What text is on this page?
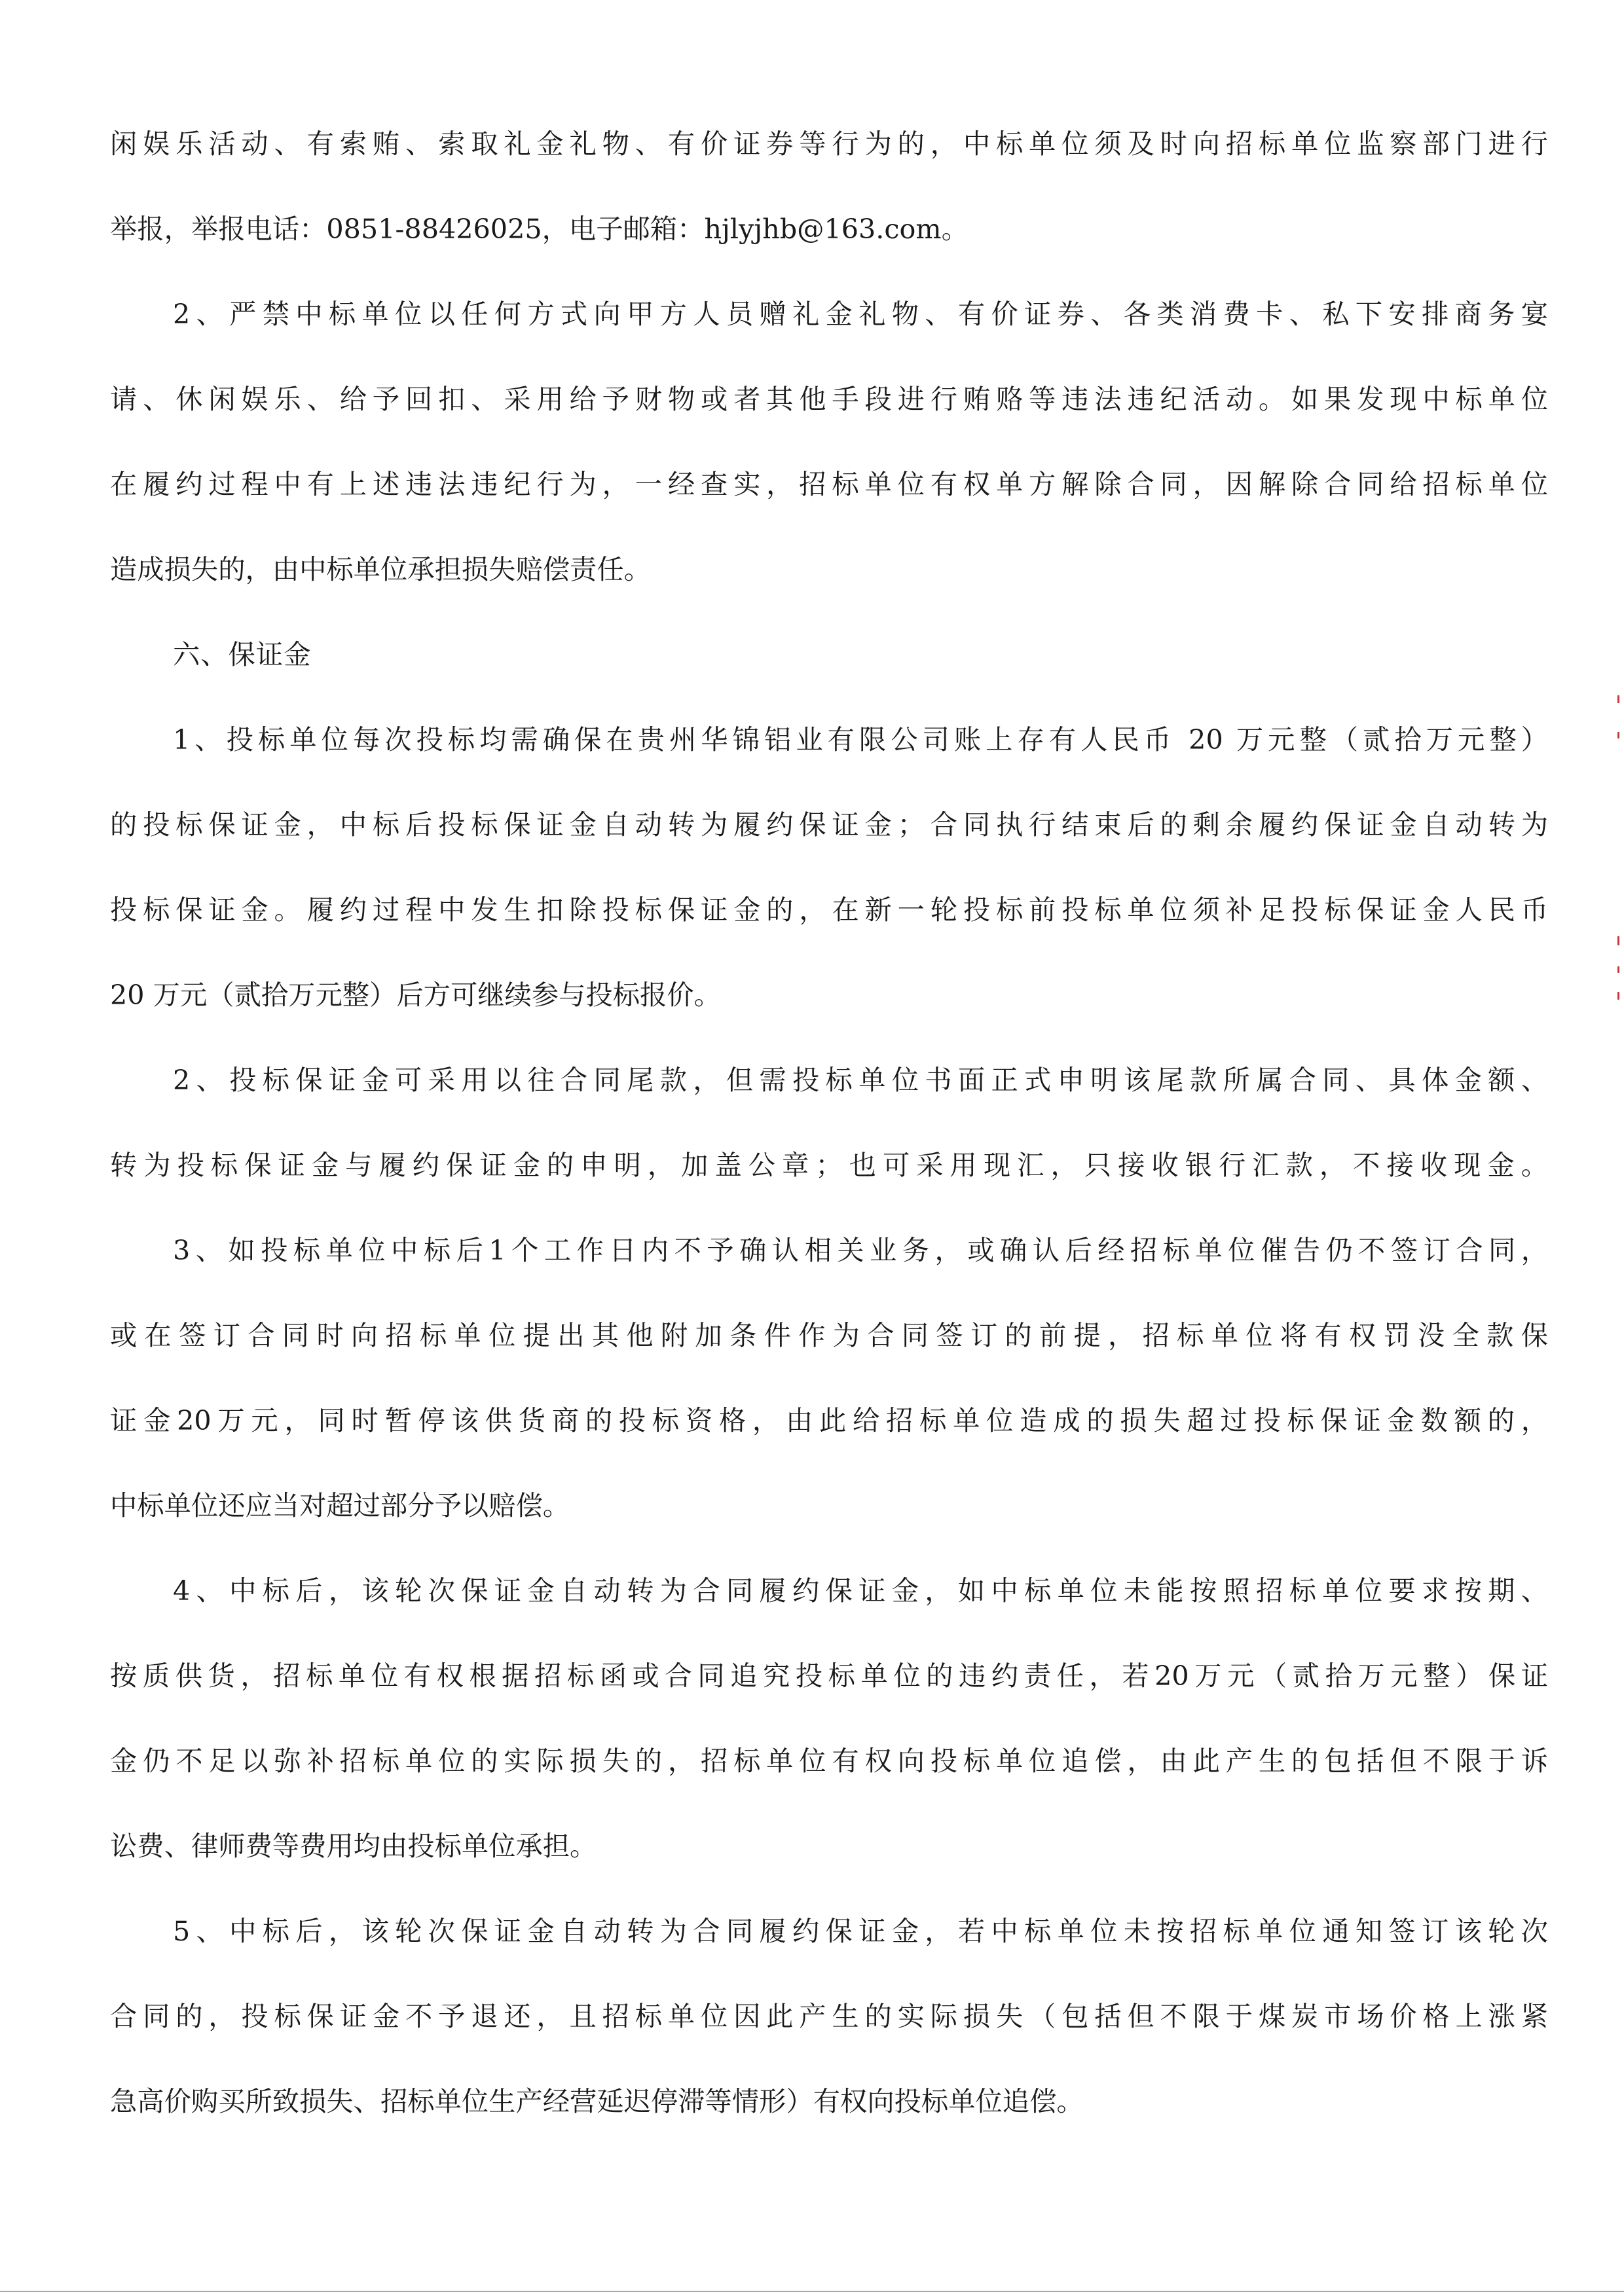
闲娱乐活动、有索贿、索取礼金礼物、有价证券等行为的，中标单位须及时向招标单位监察部门进行
举报，举报电话：0851-88426025，电子邮箱：hjlyjhb@163.com。
2、严禁中标单位以任何方式向甲方人员赠礼金礼物、有价证券、各类消费卡、私下安排商务宴
请、休闲娱乐、给予回扣、采用给予财物或者其他手段进行贿赂等违法违纪活动。如果发现中标单位
在履约过程中有上述违法违纪行为，一经查实，招标单位有权单方解除合同，因解除合同给招标单位
造成损失的，由中标单位承担损失赔偿责任。
六、保证金
1、投标单位每次投标均需确保在贵州华锦铝业有限公司账上存有人民币 20 万元整（贰拾万元整）
的投标保证金，中标后投标保证金自动转为履约保证金；合同执行结束后的剩余履约保证金自动转为
投标保证金。履约过程中发生扣除投标保证金的，在新一轮投标前投标单位须补足投标保证金人民币
20 万元（贰拾万元整）后方可继续参与投标报价。
2、投标保证金可采用以往合同尾款，但需投标单位书面正式申明该尾款所属合同、具体金额、
转为投标保证金与履约保证金的申明，加盖公章；也可采用现汇，只接收银行汇款，不接收现金。
3、如投标单位中标后1个工作日内不予确认相关业务，或确认后经招标单位催告仍不签订合同，
或在签订合同时向招标单位提出其他附加条件作为合同签订的前提，招标单位将有权罚没全款保
证金20万元，同时暂停该供货商的投标资格，由此给招标单位造成的损失超过投标保证金数额的，
中标单位还应当对超过部分予以赔偿。
4、中标后，该轮次保证金自动转为合同履约保证金，如中标单位未能按照招标单位要求按期、
按质供货，招标单位有权根据招标函或合同追究投标单位的违约责任，若20万元（贰拾万元整）保证
金仍不足以弥补招标单位的实际损失的，招标单位有权向投标单位追偿，由此产生的包括但不限于诉
讼费、律师费等费用均由投标单位承担。
5、中标后，该轮次保证金自动转为合同履约保证金，若中标单位未按招标单位通知签订该轮次
合同的，投标保证金不予退还，且招标单位因此产生的实际损失（包括但不限于煤炭市场价格上涨紧
急高价购买所致损失、招标单位生产经营延迟停滞等情形）有权向投标单位追偿。
